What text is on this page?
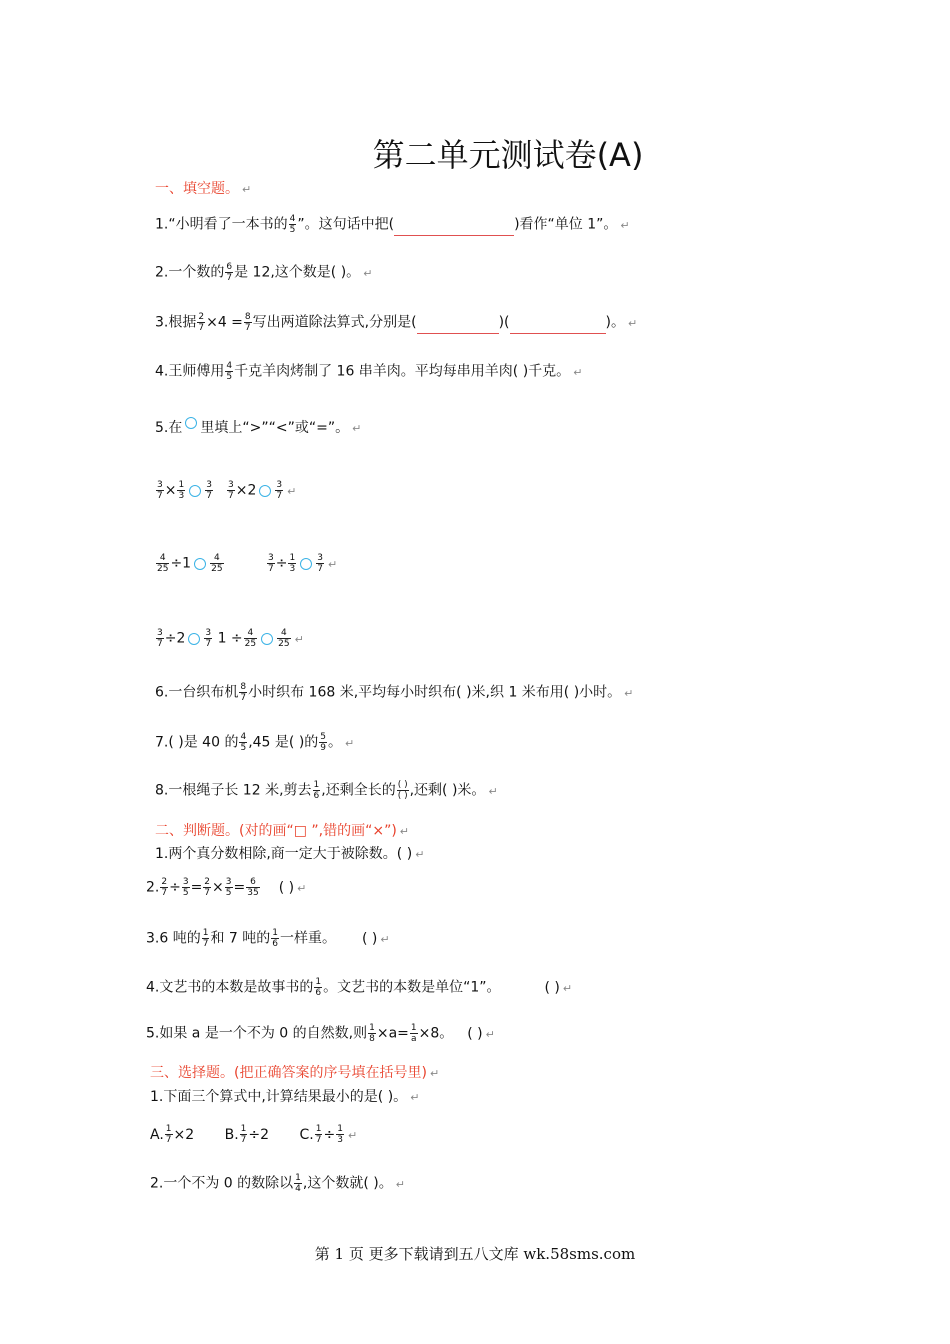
第二单元测试卷(A)
一、填空题。 ↵
1.“小明看了一本书的 $\frac{4}{5}$ ”。这句话中把(	)看作“单位 1”。 ↵
2.一个数的 $\frac{6}{7}$ 是 12,这个数是( )。 ↵
3.根据 $\frac{2}{7} \times 4 = \frac{8}{7}$ 写出两道除法算式,分别是(	)(	)。 ↵
4.王师傅用 $\frac{4}{5}$ 千克羊肉烤制了 16 串羊肉。平均每串用羊肉( )千克。 ↵
5.在 里填上“>”“<”或“=”。 ↵
$\frac{3}{7} \times \frac{1}{3} \frac{3}{7} \frac{3}{7} \times 2 \frac{3}{7}$ ↵
$\frac{4}{25} \div 1 \frac{4}{25}$	$\frac{3}{7} \div \frac{1}{3} \frac{3}{7}$ ↵
$\frac{3}{7} \div 2 \frac{3}{7} 1 \div \frac{4}{25} \frac{4}{25}$ ↵
6.一台织布机 $\frac{8}{7}$ 小时织布 168 米,平均每小时织布( )米,织 1 米布用( )小时。 ↵
7.( )是 40 的 $\frac{4}{5} ,45$ 是( )的 $\frac{5}{9}$ 。 ↵
8.一根绳子长 12 米,剪去 $\frac{1}{6}$ ,还剩全长的 $\frac{( )}{( )}$ ,还剩( )米。 ↵
二、判断题。(对的画“□ ”,错的画“×”) ↵
1.两个真分数相除,商一定大于被除数。( ) ↵
2. $\frac{2}{7} \div \frac{3}{5} = \frac{2}{7} \times \frac{3}{5} = \frac{6}{35}$ ( ) ↵
3.6 吨的 $\frac{1}{7}$ 和 7 吨的 $\frac{1}{6}$ 一样重。 ( ) ↵
4.文艺书的本数是故事书的 $\frac{1}{6}$ 。文艺书的本数是单位“1”。	( ) ↵
5.如果 a 是一个不为 0 的自然数,则 $\frac{1}{8} \times a= \frac{1}{a} \times 8$。 ( ) ↵
三、选择题。(把正确答案的序号填在括号里) ↵
1.下面三个算式中,计算结果最小的是( )。 ↵
A. $\frac{1}{7} \times 2$ B. $\frac{1}{7} \div 2$ C. $\frac{1}{7} \div \frac{1}{3}$ ↵
2.一个不为 0 的数除以 $\frac{1}{4}$ ,这个数就( )。 ↵
第 1 页 更多下载请到五八文库 wk.58sms.com
